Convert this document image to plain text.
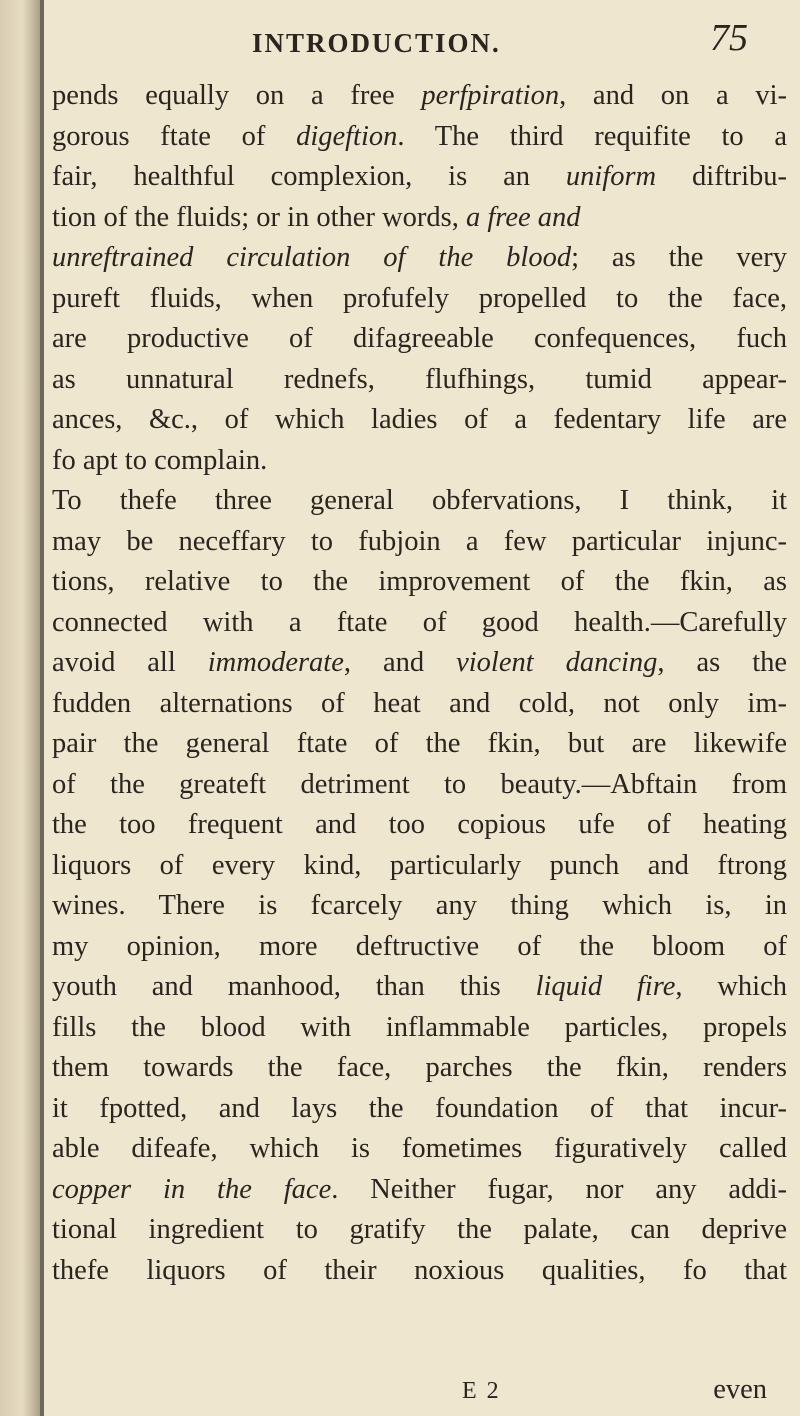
INTRODUCTION.	75
pends equally on a free perfpiration, and on a vi-
gorous ftate of digeftion. The third requifite to a
fair, healthful complexion, is an uniform diftribu-
tion of the fluids; or in other words, a free and
unreftrained circulation of the blood; as the very
pureft fluids, when profufely propelled to the face,
are productive of difagreeable confequences, fuch
as unnatural rednefs, flufhings, tumid appear-
ances, &c., of which ladies of a fedentary life are
fo apt to complain.
To thefe three general obfervations, I think, it
may be neceffary to fubjoin a few particular injunc-
tions, relative to the improvement of the fkin, as
connected with a ftate of good health.—Carefully
avoid all immoderate, and violent dancing, as the
fudden alternations of heat and cold, not only im-
pair the general ftate of the fkin, but are likewife
of the greateft detriment to beauty.—Abftain from
the too frequent and too copious ufe of heating
liquors of every kind, particularly punch and ftrong
wines. There is fcarcely any thing which is, in
my opinion, more deftructive of the bloom of
youth and manhood, than this liquid fire, which
fills the blood with inflammable particles, propels
them towards the face, parches the fkin, renders
it fpotted, and lays the foundation of that incur-
able difeafe, which is fometimes figuratively called
copper in the face. Neither fugar, nor any addi-
tional ingredient to gratify the palate, can deprive
thefe liquors of their noxious qualities, fo that
E 2	even
